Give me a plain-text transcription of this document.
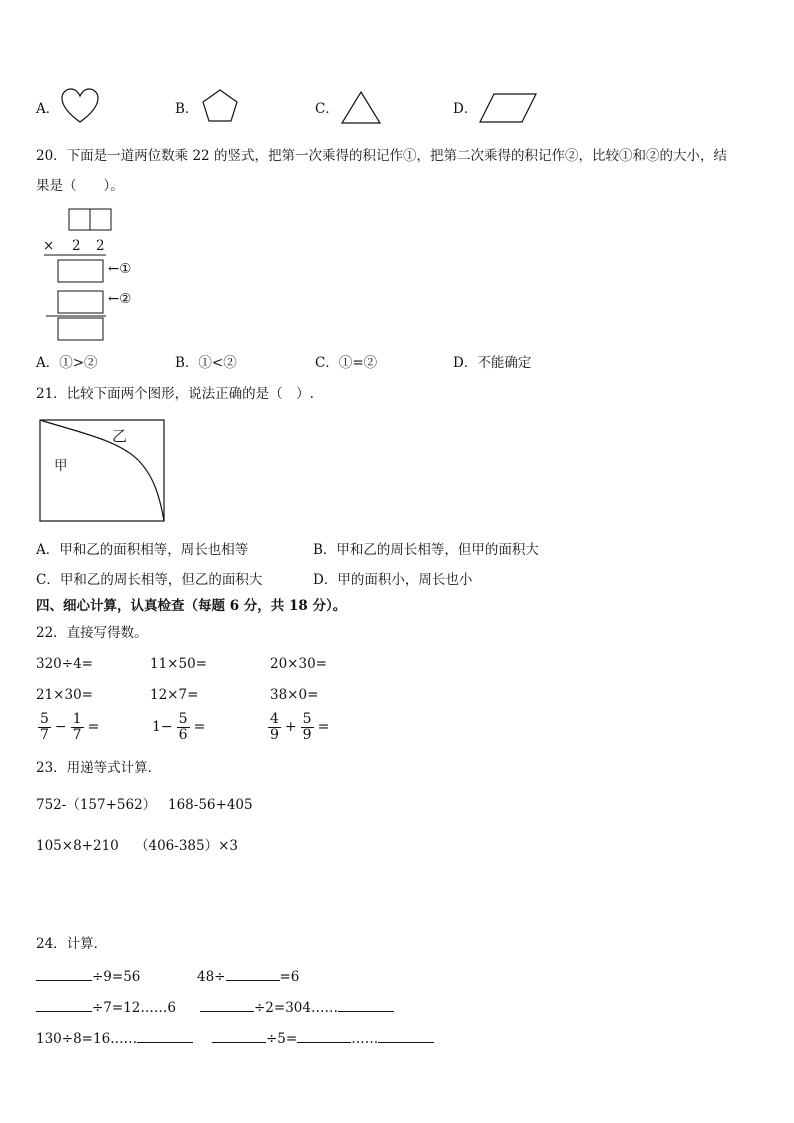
A．	B．	C．	D．
20．下面是一道两位数乘 22 的竖式，把第一次乘得的积记作①，把第二次乘得的积记作②，比较①和②的大小，结
果是（　　）。
× 2 2
←①
←②
A．①>②	B．①<②	C．①=②	D．不能确定
21．比较下面两个图形，说法正确的是（　）.
乙
甲
A．甲和乙的面积相等，周长也相等	B．甲和乙的周长相等，但甲的面积大
C．甲和乙的周长相等，但乙的面积大	D．甲的面积小，周长也小
四、细心计算，认真检查（每题 6 分，共 18 分）。
22．直接写得数。
320÷4=	11×50=	20×30=
21×30=	12×7=	38×0=
$\frac{5}{7} - \frac{1}{7}$ =	$1- \frac{5}{6}$ =	$\frac{4}{9} + \frac{5}{9}$ =
23．用递等式计算．
752-（157+562） 168-56+405
105×8+210 （406-385）×3
24．计算．
÷9=56	48÷	=6
÷7=12……6	÷2=304……
130÷8=16……	÷5=	……
